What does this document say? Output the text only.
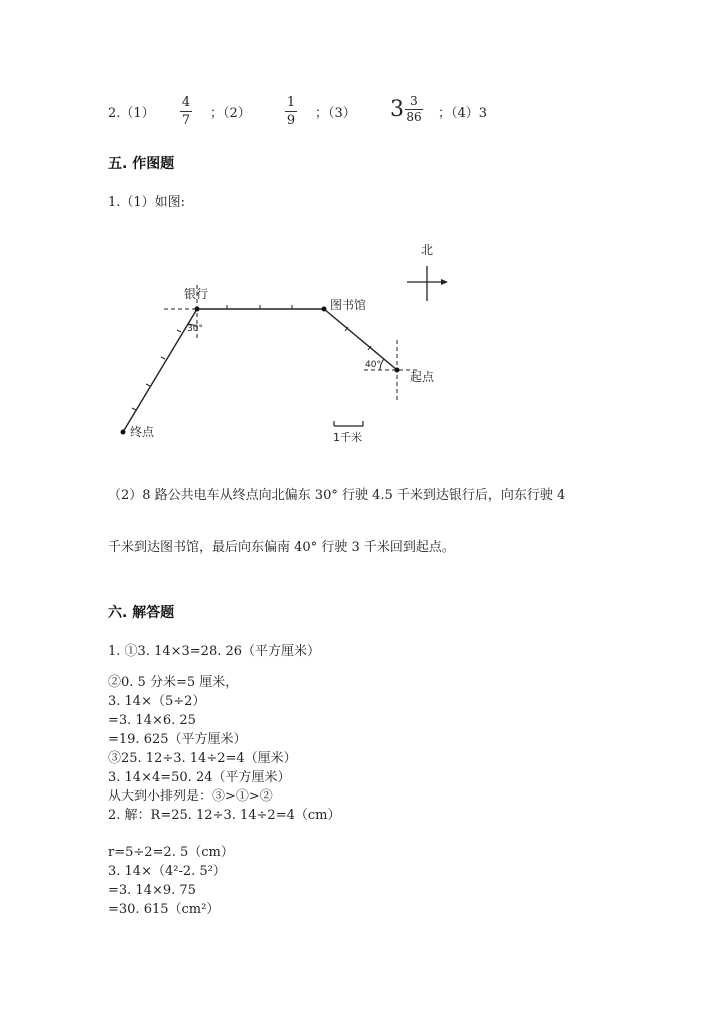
2.（1）
4
7 ；（2）
1
9 ；（3） $3 \frac{3}{86}$ ；（4）3
五. 作图题
1.（1）如图:
北
银行
图书馆
起点
终点
30°
40°
1千米
（2）8 路公共电车从终点向北偏东 30° 行驶 4.5 千米到达银行后，向东行驶 4
千米到达图书馆，最后向东偏南 40° 行驶 3 千米回到起点。
六. 解答题
1. ①3. 14×3=28. 26（平方厘米）
②0. 5 分米=5 厘米，
3. 14×（5÷2）
=3. 14×6. 25
=19. 625（平方厘米）
③25. 12÷3. 14÷2=4（厘米）
3. 14×4=50. 24（平方厘米）
从大到小排列是：③>①>②
2. 解：R=25. 12÷3. 14÷2=4（cm）
r=5÷2=2. 5（cm）
3. 14×（4²-2. 5²）
=3. 14×9. 75
=30. 615（cm²）
